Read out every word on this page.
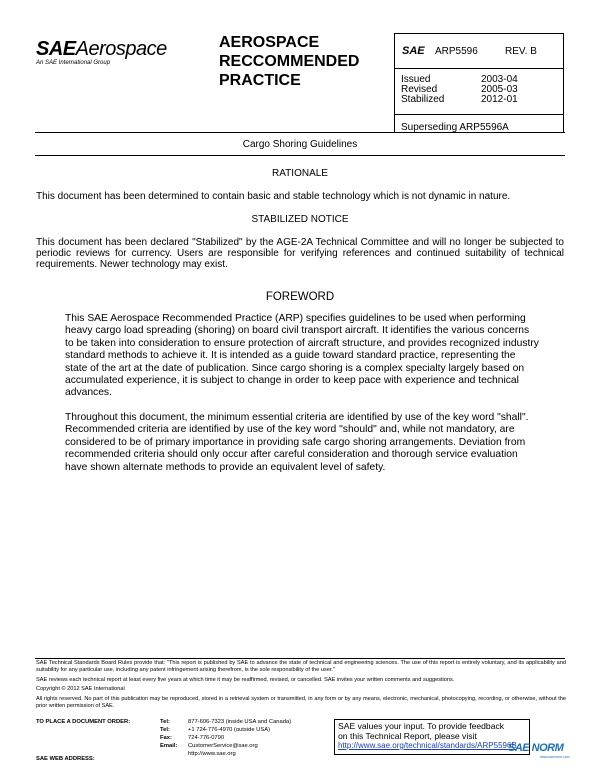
SAEAerospace
An SAE International Group
AEROSPACE
RECCOMMENDED
PRACTICE
SAE ARP5596	REV. B
Issued	2003-04
Revised	2005-03
Stabilized	2012-01
Superseding ARP5596A
Cargo Shoring Guidelines
RATIONALE
This document has been determined to contain basic and stable technology which is not dynamic in nature.
STABILIZED NOTICE
This document has been declared "Stabilized" by the AGE-2A Technical Committee and will no longer be subjected to periodic reviews for currency. Users are responsible for verifying references and continued suitability of technical requirements. Newer technology may exist.
FOREWORD
This SAE Aerospace Recommended Practice (ARP) specifies guidelines to be used when performing heavy cargo load spreading (shoring) on board civil transport aircraft. It identifies the various concerns to be taken into consideration to ensure protection of aircraft structure, and provides recognized industry standard methods to achieve it. It is intended as a guide toward standard practice, representing the state of the art at the date of publication. Since cargo shoring is a complex specialty largely based on accumulated experience, it is subject to change in order to keep pace with experience and technical advances.
Throughout this document, the minimum essential criteria are identified by use of the key word "shall". Recommended criteria are identified by use of the key word "should" and, while not mandatory, are considered to be of primary importance in providing safe cargo shoring arrangements. Deviation from recommended criteria should only occur after careful consideration and thorough service evaluation have shown alternate methods to provide an equivalent level of safety.
SAE Technical Standards Board Rules provide that: "This report is published by SAE to advance the state of technical and engineering sciences. The use of this report is entirely voluntary, and its applicability and suitability for any particular use, including any patent infringement arising therefrom, is the sole responsibility of the user."
SAE reviews each technical report at least every five years at which time it may be reaffirmed, revised, or cancelled. SAE invites your written comments and suggestions.
Copyright © 2012 SAE International
All rights reserved. No part of this publication may be reproduced, stored in a retrieval system or transmitted, in any form or by any means, electronic, mechanical, photocopying, recording, or otherwise, without the prior written permission of SAE.
TO PLACE A DOCUMENT ORDER:	Tel:	877-606-7323 (inside USA and Canada)
Tel:	+1 724-776-4970 (outside USA)
Fax:	724-776-0790
Email: CustomerService@sae.org
SAE WEB ADDRESS:
http://www.sae.org
SAE values your input. To provide feedback
on this Technical Report, please visit
http://www.sae.org/technical/standards/ARP5596B
SAE NORM
www.saenorm.com
